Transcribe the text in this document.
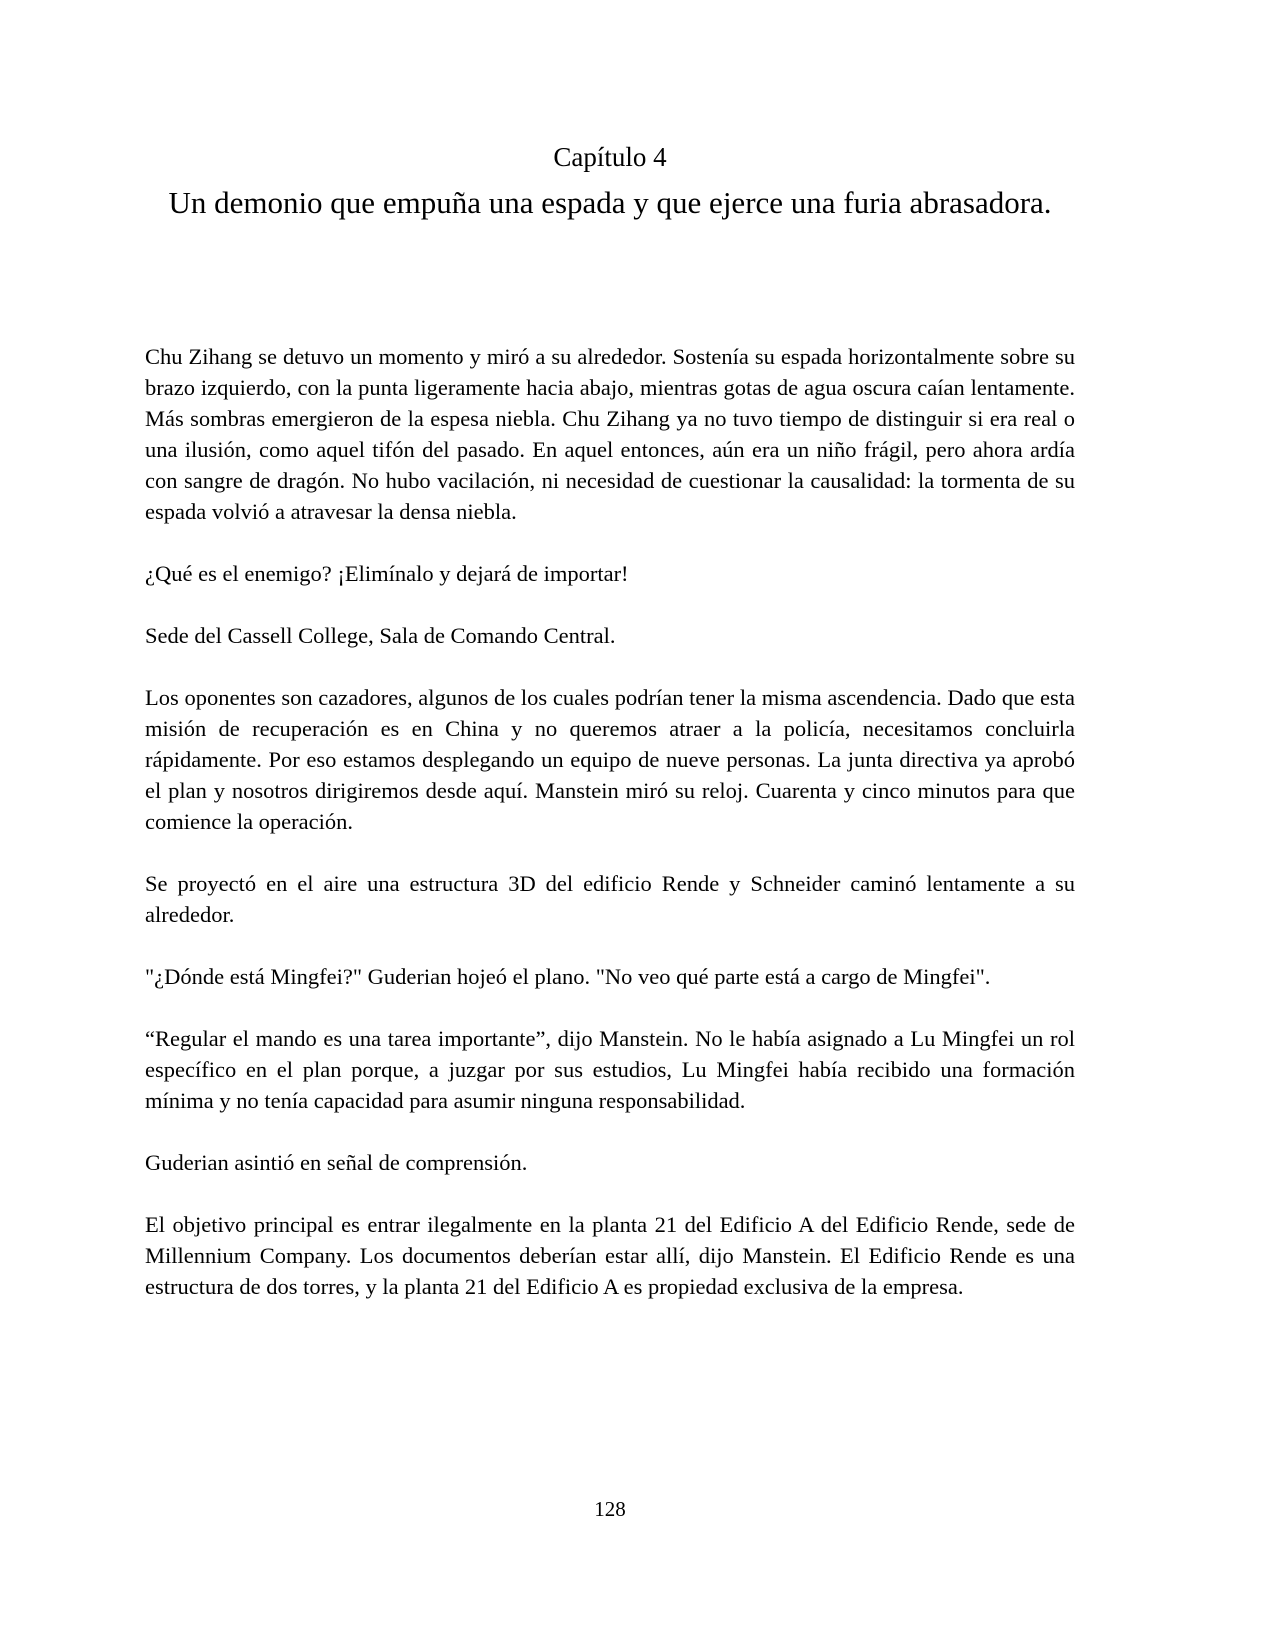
Capítulo 4
Un demonio que empuña una espada y que ejerce una furia abrasadora.

Chu Zihang se detuvo un momento y miró a su alrededor. Sostenía su espada horizontalmente sobre su brazo izquierdo, con la punta ligeramente hacia abajo, mientras gotas de agua oscura caían lentamente. Más sombras emergieron de la espesa niebla. Chu Zihang ya no tuvo tiempo de distinguir si era real o una ilusión, como aquel tifón del pasado. En aquel entonces, aún era un niño frágil, pero ahora ardía con sangre de dragón. No hubo vacilación, ni necesidad de cuestionar la causalidad: la tormenta de su espada volvió a atravesar la densa niebla.

¿Qué es el enemigo? ¡Elimínalo y dejará de importar!

Sede del Cassell College, Sala de Comando Central.

Los oponentes son cazadores, algunos de los cuales podrían tener la misma ascendencia. Dado que esta misión de recuperación es en China y no queremos atraer a la policía, necesitamos concluirla rápidamente. Por eso estamos desplegando un equipo de nueve personas. La junta directiva ya aprobó el plan y nosotros dirigiremos desde aquí. Manstein miró su reloj. Cuarenta y cinco minutos para que comience la operación.

Se proyectó en el aire una estructura 3D del edificio Rende y Schneider caminó lentamente a su alrededor.

"¿Dónde está Mingfei?" Guderian hojeó el plano. "No veo qué parte está a cargo de Mingfei".

“Regular el mando es una tarea importante”, dijo Manstein. No le había asignado a Lu Mingfei un rol específico en el plan porque, a juzgar por sus estudios, Lu Mingfei había recibido una formación mínima y no tenía capacidad para asumir ninguna responsabilidad.

Guderian asintió en señal de comprensión.

El objetivo principal es entrar ilegalmente en la planta 21 del Edificio A del Edificio Rende, sede de Millennium Company. Los documentos deberían estar allí, dijo Manstein. El Edificio Rende es una estructura de dos torres, y la planta 21 del Edificio A es propiedad exclusiva de la empresa.

128
